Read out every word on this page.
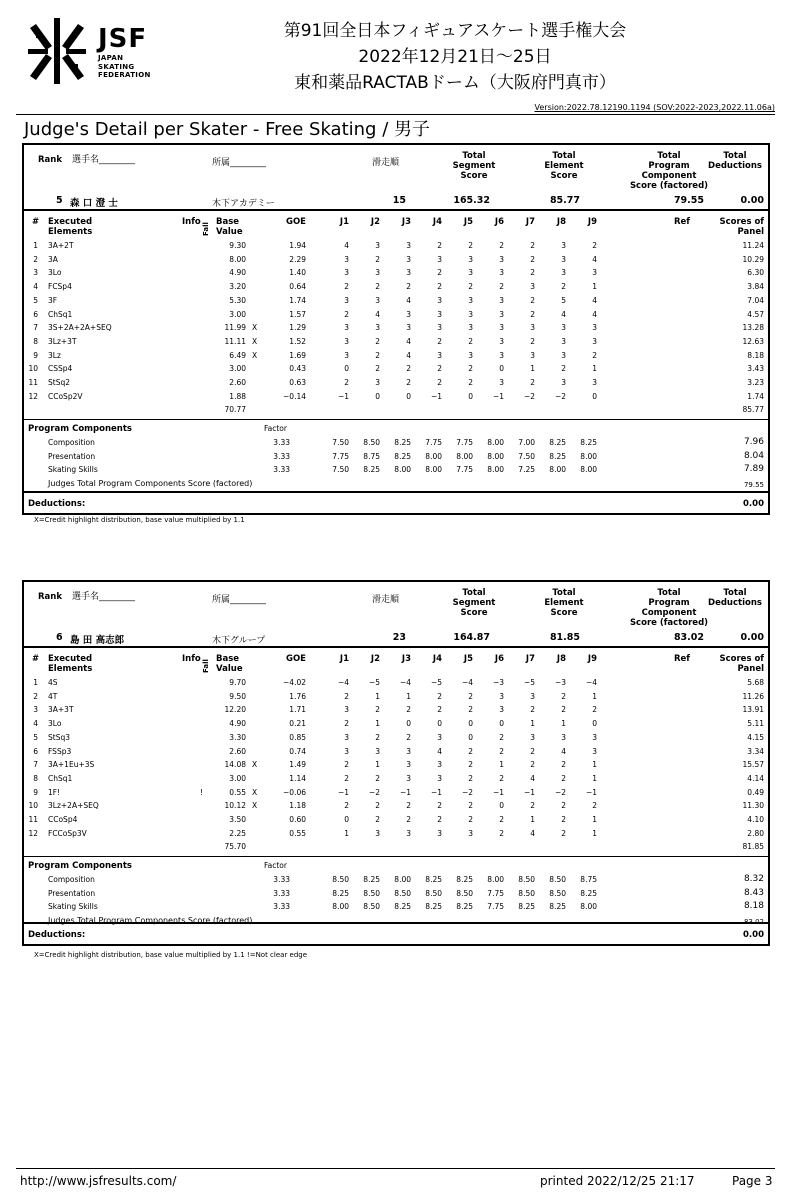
JSF
JAPAN
SKATING
FEDERATION
第91回全日本フィギュアスケート選手権大会
2022年12月21日～25日
東和薬品RACTABドーム（大阪府門真市）
Version:2022.78.12190.1194 (SOV:2022-2023,2022.11.06a)
Judge's Detail per Skater - Free Skating / 男子
Rank 選手名________	所属________	滑走順
Total
Segment
Score
Total
Element
Score
Total
Program
Component
Score (factored)
Total
Deductions
5 森 口 澄 士	木下アカデミー	15	165.32	85.77	79.55	0.00
# Executed
Elements
Info
Fall
Base
Value
GOE	J1	J2	J3	J4	J5	J6	J7	J8	J9	Ref	Scores of
Panel
1 3A+2T	9.30	1.94	4	3	3	2	2	2	2	3	2	11.24
2 3A	8.00	2.29	3	2	3	3	3	3	2	3	4	10.29
3 3Lo	4.90	1.40	3	3	3	2	3	3	2	3	3	6.30
4 FCSp4	3.20	0.64	2	2	2	2	2	2	3	2	1	3.84
5 3F	5.30	1.74	3	3	4	3	3	3	2	5	4	7.04
6 ChSq1	3.00	1.57	2	4	3	3	3	3	2	4	4	4.57
7 3S+2A+2A+SEQ	11.99 X	1.29	3	3	3	3	3	3	3	3	3	13.28
8 3Lz+3T	11.11 X	1.52	3	2	4	2	2	3	2	3	3	12.63
9 3Lz	6.49 X	1.69	3	2	4	3	3	3	3	3	2	8.18
10 CSSp4	3.00	0.43	0	2	2	2	2	0	1	2	1	3.43
11 StSq2	2.60	0.63	2	3	2	2	2	3	2	3	3	3.23
12 CCoSp2V	1.88	−0.14	−1	0	0	−1	0	−1	−2	−2	0	1.74
70.77	85.77
Program Components	Factor
Composition	3.33	7.50	8.50	8.25	7.75	7.75	8.00	7.00	8.25	8.25	7.96
Presentation	3.33	7.75	8.75	8.25	8.00	8.00	8.00	7.50	8.25	8.00	8.04
Skating Skills	3.33	7.50	8.25	8.00	8.00	7.75	8.00	7.25	8.00	8.00	7.89
Judges Total Program Components Score (factored)	79.55
Deductions:	0.00
X=Credit highlight distribution, base value multiplied by 1.1
Rank 選手名________	所属________	滑走順
Total
Segment
Score
Total
Element
Score
Total
Program
Component
Score (factored)
Total
Deductions
6 島 田 高志郎	木下グループ	23	164.87	81.85	83.02	0.00
# Executed
Elements
Info
Fall
Base
Value
GOE	J1	J2	J3	J4	J5	J6	J7	J8	J9	Ref	Scores of
Panel
1 4S	9.70	−4.02	−4	−5	−4	−5	−4	−3	−5	−3	−4	5.68
2 4T	9.50	1.76	2	1	1	2	2	3	3	2	1	11.26
3 3A+3T	12.20	1.71	3	2	2	2	2	3	2	2	2	13.91
4 3Lo	4.90	0.21	2	1	0	0	0	0	1	1	0	5.11
5 StSq3	3.30	0.85	3	2	2	3	0	2	3	3	3	4.15
6 FSSp3	2.60	0.74	3	3	3	4	2	2	2	4	3	3.34
7 3A+1Eu+3S	14.08 X	1.49	2	1	3	3	2	1	2	2	1	15.57
8 ChSq1	3.00	1.14	2	2	3	3	2	2	4	2	1	4.14
9 1F!	!	0.55 X	−0.06	−1	−2	−1	−1	−2	−1	−1	−2	−1	0.49
10 3Lz+2A+SEQ	10.12 X	1.18	2	2	2	2	2	0	2	2	2	11.30
11 CCoSp4	3.50	0.60	0	2	2	2	2	2	1	2	1	4.10
12 FCCoSp3V	2.25	0.55	1	3	3	3	3	2	4	2	1	2.80
75.70	81.85
Program Components	Factor
Composition	3.33	8.50	8.25	8.00	8.25	8.25	8.00	8.50	8.50	8.75	8.32
Presentation	3.33	8.25	8.50	8.50	8.50	8.50	7.75	8.50	8.50	8.25	8.43
Skating Skills	3.33	8.00	8.50	8.25	8.25	8.25	7.75	8.25	8.25	8.00	8.18
Judges Total Program Components Score (factored)	83.02
Deductions:	0.00
X=Credit highlight distribution, base value multiplied by 1.1 !=Not clear edge
http://www.jsfresults.com/	printed 2022/12/25 21:17	Page 3
